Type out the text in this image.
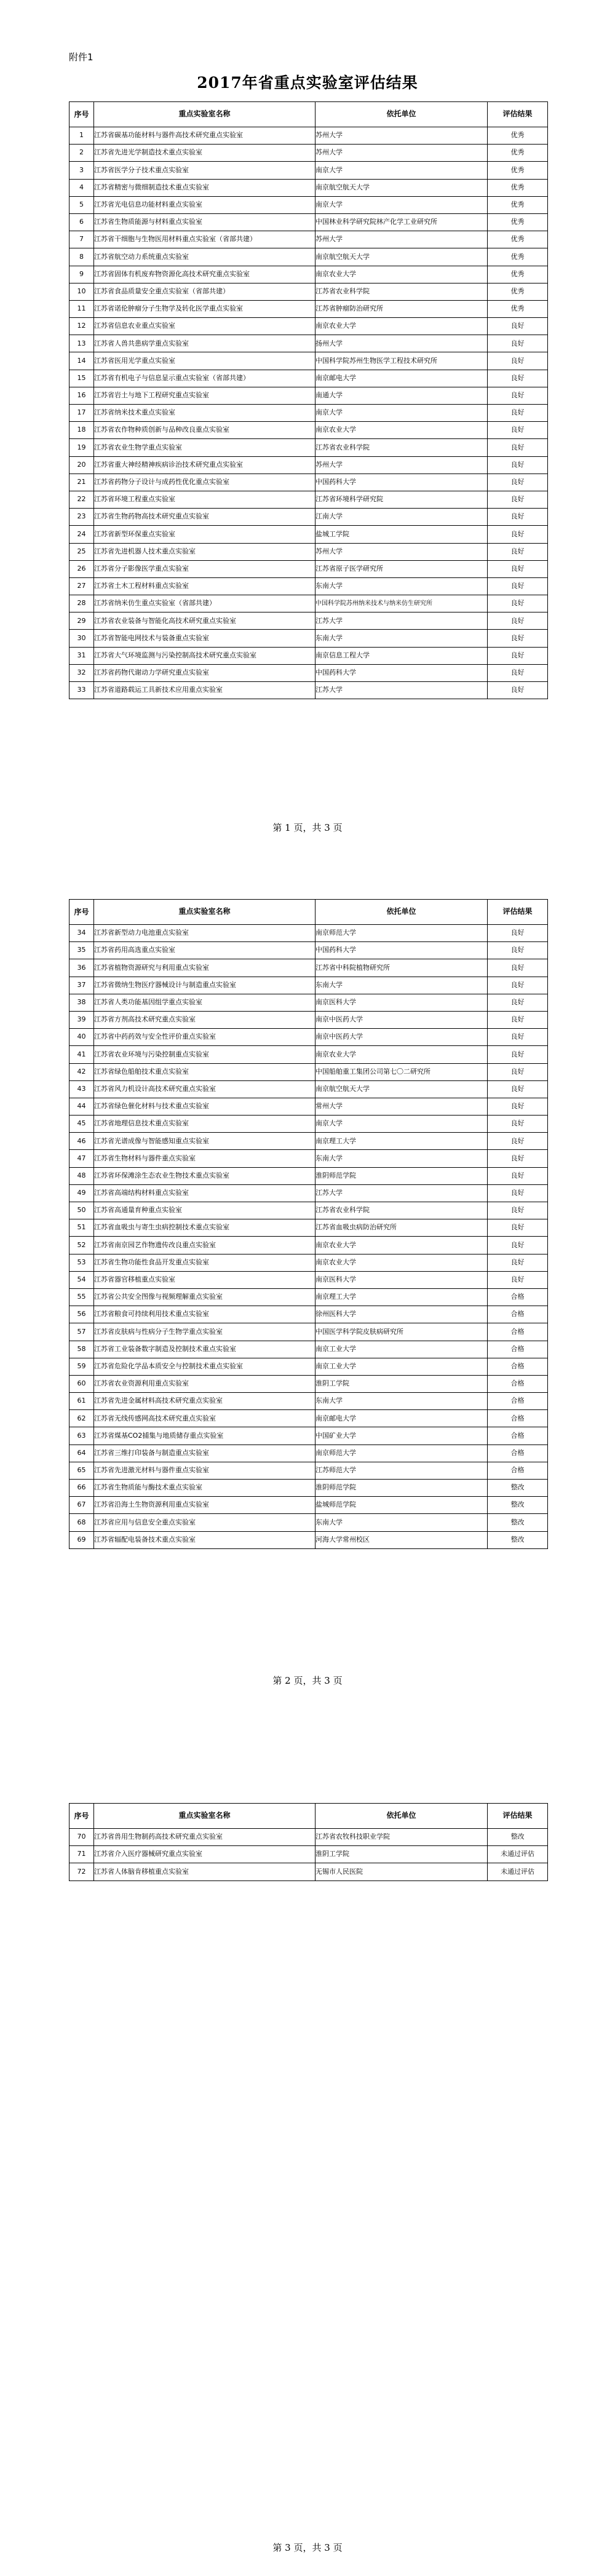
附件1
2017年省重点实验室评估结果
序号	重点实验室名称	依托单位	评估结果
1	江苏省碳基功能材料与器件高技术研究重点实验室	苏州大学	优秀
2	江苏省先进光学制造技术重点实验室	苏州大学	优秀
3	江苏省医学分子技术重点实验室	南京大学	优秀
4	江苏省精密与微细制造技术重点实验室	南京航空航天大学	优秀
5	江苏省光电信息功能材料重点实验室	南京大学	优秀
6	江苏省生物质能源与材料重点实验室	中国林业科学研究院林产化学工业研究所	优秀
7	江苏省干细胞与生物医用材料重点实验室（省部共建）	苏州大学	优秀
8	江苏省航空动力系统重点实验室	南京航空航天大学	优秀
9	江苏省固体有机废弃物资源化高技术研究重点实验室	南京农业大学	优秀
10	江苏省食品质量安全重点实验室（省部共建）	江苏省农业科学院	优秀
11	江苏省诺伦肿瘤分子生物学及转化医学重点实验室	江苏省肿瘤防治研究所	优秀
12	江苏省信息农业重点实验室	南京农业大学	良好
13	江苏省人兽共患病学重点实验室	扬州大学	良好
14	江苏省医用光学重点实验室	中国科学院苏州生物医学工程技术研究所	良好
15	江苏省有机电子与信息显示重点实验室（省部共建）	南京邮电大学	良好
16	江苏省岩土与地下工程研究重点实验室	南通大学	良好
17	江苏省纳米技术重点实验室	南京大学	良好
18	江苏省农作物种质创新与品种改良重点实验室	南京农业大学	良好
19	江苏省农业生物学重点实验室	江苏省农业科学院	良好
20	江苏省重大神经精神疾病诊治技术研究重点实验室	苏州大学	良好
21	江苏省药物分子设计与成药性优化重点实验室	中国药科大学	良好
22	江苏省环境工程重点实验室	江苏省环境科学研究院	良好
23	江苏省生物药物高技术研究重点实验室	江南大学	良好
24	江苏省新型环保重点实验室	盐城工学院	良好
25	江苏省先进机器人技术重点实验室	苏州大学	良好
26	江苏省分子影像医学重点实验室	江苏省原子医学研究所	良好
27	江苏省土木工程材料重点实验室	东南大学	良好
28	江苏省纳米仿生重点实验室（省部共建）	中国科学院苏州纳米技术与纳米仿生研究所	良好
29	江苏省农业装备与智能化高技术研究重点实验室	江苏大学	良好
30	江苏省智能电网技术与装备重点实验室	东南大学	良好
31	江苏省大气环境监测与污染控制高技术研究重点实验室	南京信息工程大学	良好
32	江苏省药物代谢动力学研究重点实验室	中国药科大学	良好
33	江苏省道路载运工具新技术应用重点实验室	江苏大学	良好
第 1 页，共 3 页
序号	重点实验室名称	依托单位	评估结果
34	江苏省新型动力电池重点实验室	南京师范大学	良好
35	江苏省药用高选重点实验室	中国药科大学	良好
36	江苏省植物资源研究与利用重点实验室	江苏省中科院植物研究所	良好
37	江苏省微纳生物医疗器械设计与制造重点实验室	东南大学	良好
38	江苏省人类功能基因组学重点实验室	南京医科大学	良好
39	江苏省方剂高技术研究重点实验室	南京中医药大学	良好
40	江苏省中药药效与安全性评价重点实验室	南京中医药大学	良好
41	江苏省农业环境与污染控制重点实验室	南京农业大学	良好
42	江苏省绿色船舶技术重点实验室	中国船舶重工集团公司第七〇二研究所	良好
43	江苏省风力机设计高技术研究重点实验室	南京航空航天大学	良好
44	江苏省绿色催化材料与技术重点实验室	常州大学	良好
45	江苏省地理信息技术重点实验室	南京大学	良好
46	江苏省光谱成像与智能感知重点实验室	南京理工大学	良好
47	江苏省生物材料与器件重点实验室	东南大学	良好
48	江苏省环保滩涂生态农业生物技术重点实验室	淮阴师范学院	良好
49	江苏省高端结构材料重点实验室	江苏大学	良好
50	江苏省高通量育种重点实验室	江苏省农业科学院	良好
51	江苏省血吸虫与寄生虫病控制技术重点实验室	江苏省血吸虫病防治研究所	良好
52	江苏省南京园艺作物遗传改良重点实验室	南京农业大学	良好
53	江苏省生物功能性食品开发重点实验室	南京农业大学	良好
54	江苏省器官移植重点实验室	南京医科大学	良好
55	江苏省公共安全图像与视频理解重点实验室	南京理工大学	合格
56	江苏省粮食可持续利用技术重点实验室	徐州医科大学	合格
57	江苏省皮肤病与性病分子生物学重点实验室	中国医学科学院皮肤病研究所	合格
58	江苏省工业装备数字制造及控制技术重点实验室	南京工业大学	合格
59	江苏省危险化学品本质安全与控制技术重点实验室	南京工业大学	合格
60	江苏省农业资源利用重点实验室	淮阴工学院	合格
61	江苏省先进金属材料高技术研究重点实验室	东南大学	合格
62	江苏省无线传感网高技术研究重点实验室	南京邮电大学	合格
63	江苏省煤基CO2捕集与地质储存重点实验室	中国矿业大学	合格
64	江苏省三维打印装备与制造重点实验室	南京师范大学	合格
65	江苏省先进激光材料与器件重点实验室	江苏师范大学	合格
66	江苏省生物质能与酶技术重点实验室	淮阴师范学院	整改
67	江苏省沿海土生物资源利用重点实验室	盐城师范学院	整改
68	江苏省应用与信息安全重点实验室	东南大学	整改
69	江苏省辐配电装备技术重点实验室	河海大学常州校区	整改
第 2 页，共 3 页
序号	重点实验室名称	依托单位	评估结果
70	江苏省兽用生物制药高技术研究重点实验室	江苏省农牧科技职业学院	整改
71	江苏省介入医疗器械研究重点实验室	淮阴工学院	未通过评估
72	江苏省人体脑肯移植重点实验室	无锡市人民医院	未通过评估
第 3 页，共 3 页
